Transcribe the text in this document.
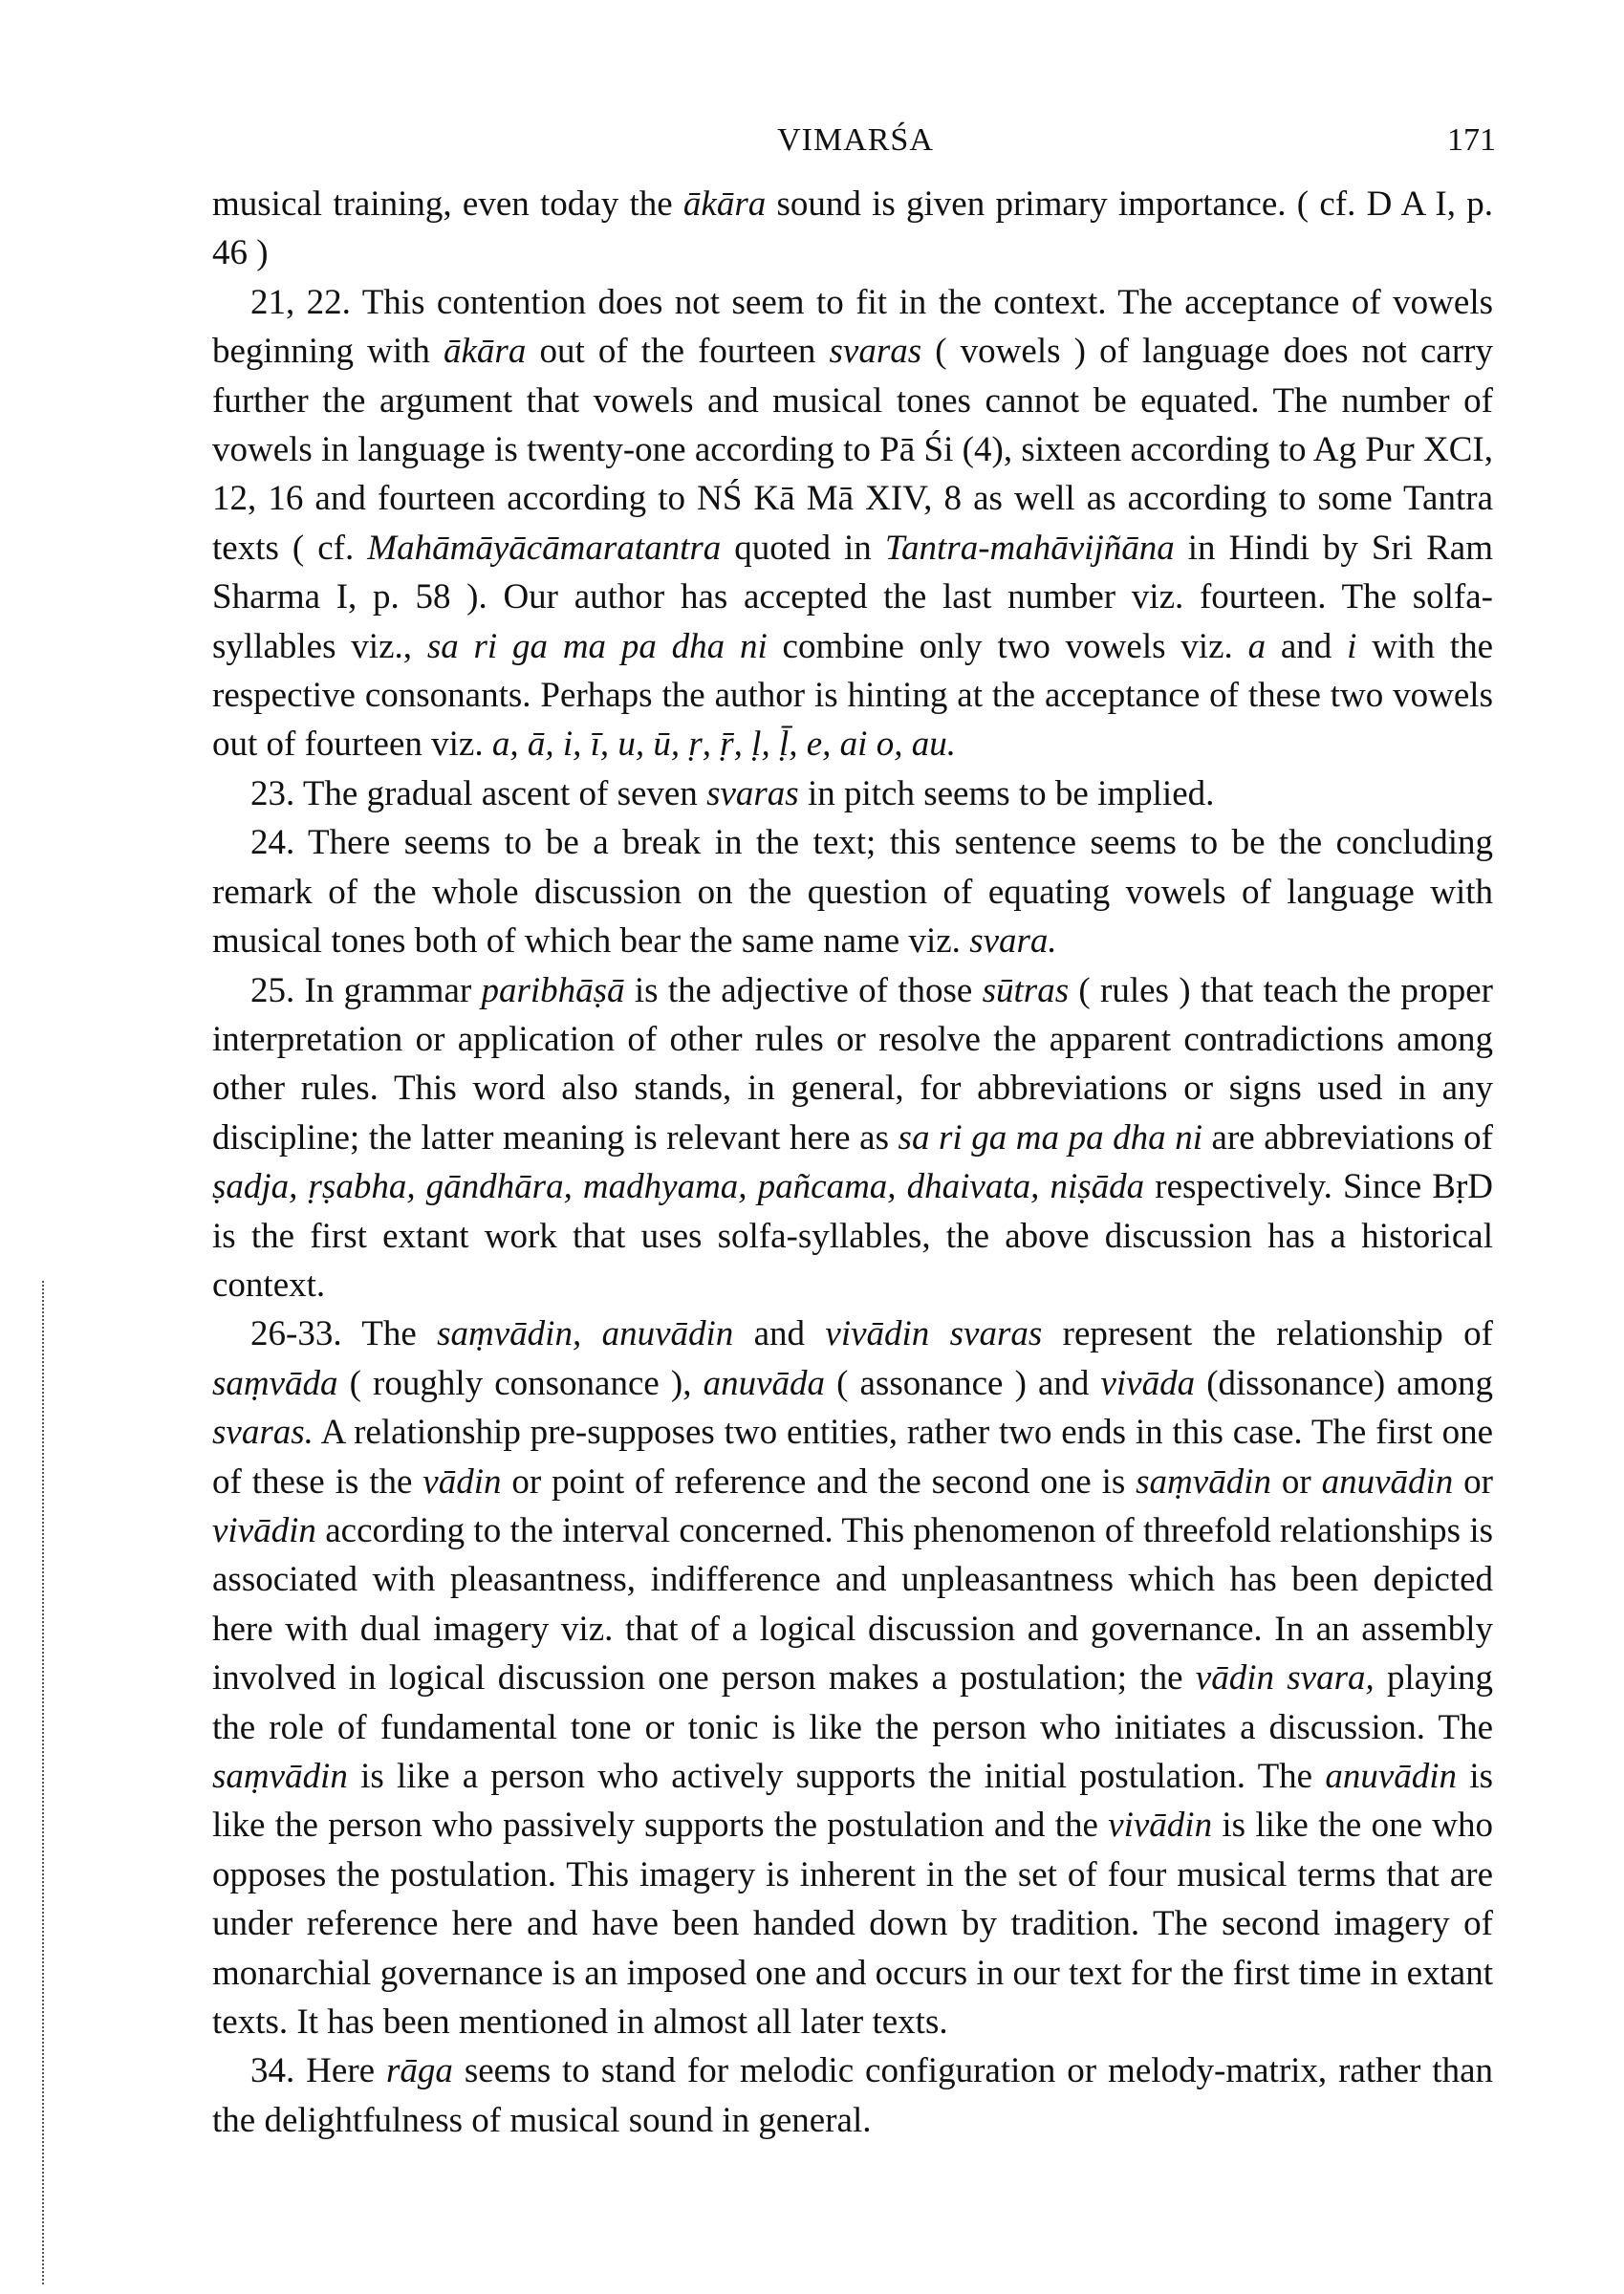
VIMARŚA	171

musical training, even today the ākāra sound is given primary importance. ( cf. D A I, p. 46 )

21, 22. This contention does not seem to fit in the context. The acceptance of vowels beginning with ākāra out of the fourteen svaras ( vowels ) of language does not carry further the argument that vowels and musical tones cannot be equated. The number of vowels in language is twenty-one according to Pā Śi (4), sixteen according to Ag Pur XCI, 12, 16 and fourteen according to NŚ Kā Mā XIV, 8 as well as according to some Tantra texts ( cf. Mahāmāyācāmaratantra quoted in Tantra-mahāvijñāna in Hindi by Sri Ram Sharma I, p. 58 ). Our author has accepted the last number viz. fourteen. The solfa- syllables viz., sa ri ga ma pa dha ni combine only two vowels viz. a and i with the respective consonants. Perhaps the author is hinting at the acceptance of these two vowels out of fourteen viz. a, ā, i, ī, u, ū, ṛ, ṝ, ḷ, ḹ, e, ai o, au.

23. The gradual ascent of seven svaras in pitch seems to be implied.

24. There seems to be a break in the text; this sentence seems to be the concluding remark of the whole discussion on the question of equating vowels of language with musical tones both of which bear the same name viz. svara.

25. In grammar paribhāṣā is the adjective of those sūtras ( rules ) that teach the proper interpretation or application of other rules or resolve the apparent contradictions among other rules. This word also stands, in general, for abbreviations or signs used in any discipline; the latter meaning is relevant here as sa ri ga ma pa dha ni are abbreviations of ṣadja, ṛṣabha, gāndhāra, madhyama, pañcama, dhaivata, niṣāda respectively. Since BṛD is the first extant work that uses solfa-syllables, the above discussion has a historical context.

26-33. The saṃvādin, anuvādin and vivādin svaras represent the relationship of saṃvāda ( roughly consonance ), anuvāda ( assonance ) and vivāda (dissonance) among svaras. A relationship pre-supposes two entities, rather two ends in this case. The first one of these is the vādin or point of reference and the second one is saṃvādin or anuvādin or vivādin according to the interval concerned. This phenomenon of threefold relationships is associated with pleasantness, indifference and unpleasantness which has been depicted here with dual imagery viz. that of a logical discussion and governance. In an assembly involved in logical discussion one person makes a postulation; the vādin svara, playing the role of fundamental tone or tonic is like the person who initiates a discussion. The saṃvādin is like a person who actively supports the initial postulation. The anuvādin is like the person who passively supports the postulation and the vivādin is like the one who opposes the postulation. This imagery is inherent in the set of four musical terms that are under reference here and have been handed down by tradition. The second imagery of monarchial governance is an imposed one and occurs in our text for the first time in extant texts. It has been mentioned in almost all later texts.

34. Here rāga seems to stand for melodic configuration or melody-matrix, rather than the delightfulness of musical sound in general.
